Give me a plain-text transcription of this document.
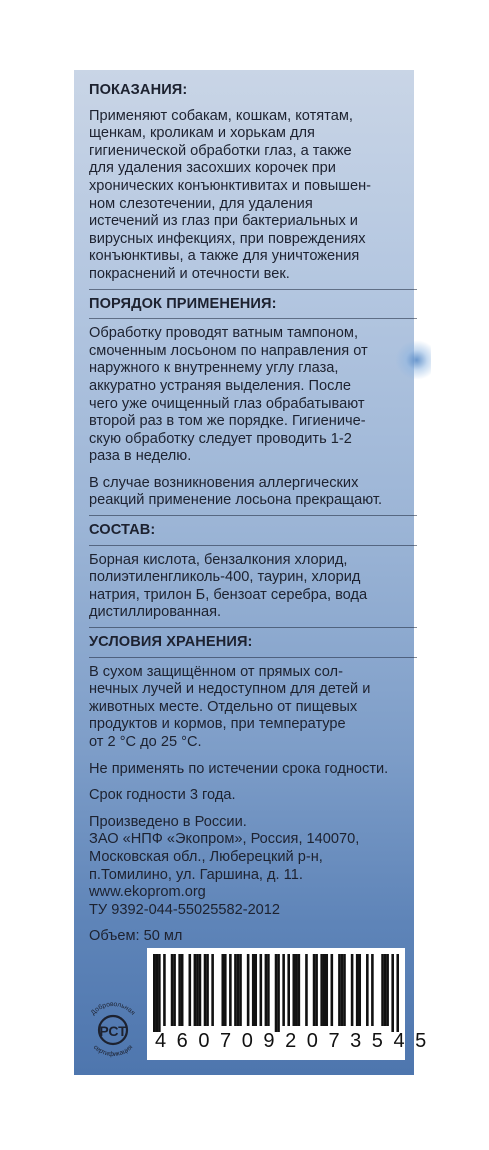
ПОКАЗАНИЯ:

Применяют собакам, кошкам, котятам,
щенкам, кроликам и хорькам для
гигиенической обработки глаз, а также
для удаления засохших корочек при
хронических конъюнктивитах и повышен-
ном слезотечении, для удаления
истечений из глаз при бактериальных и
вирусных инфекциях, при повреждениях
конъюнктивы, а также для уничтожения
покраснений и отечности век.

ПОРЯДОК ПРИМЕНЕНИЯ:

Обработку проводят ватным тампоном,
смоченным лосьоном по направления от
наружного к внутреннему углу глаза,
аккуратно устраняя выделения. После
чего уже очищенный глаз обрабатывают
второй раз в том же порядке. Гигиениче-
скую обработку следует проводить 1-2
раза в неделю.

В случае возникновения аллергических
реакций применение лосьона прекращают.

СОСТАВ:

Борная кислота, бензалкония хлорид,
полиэтиленгликоль-400, таурин, хлорид
натрия, трилон Б, бензоат серебра, вода
дистиллированная.

УСЛОВИЯ ХРАНЕНИЯ:

В сухом защищённом от прямых сол-
нечных лучей и недоступном для детей и
животных месте. Отдельно от пищевых
продуктов и кормов, при температуре
от 2 °С до 25 °С.

Не применять по истечении срока годности.

Срок годности 3 года.

Произведено в России.
ЗАО «НПФ «Экопром», Россия, 140070,
Московская обл., Люберецкий р-н,
п.Томилино, ул. Гаршина, д. 11.
www.ekoprom.org
ТУ 9392-044-55025582-2012

Объем: 50 мл

4 6 0 7 0 9 2 0 7 3 5 4 5
Добровольная
сертификация
РСТ
